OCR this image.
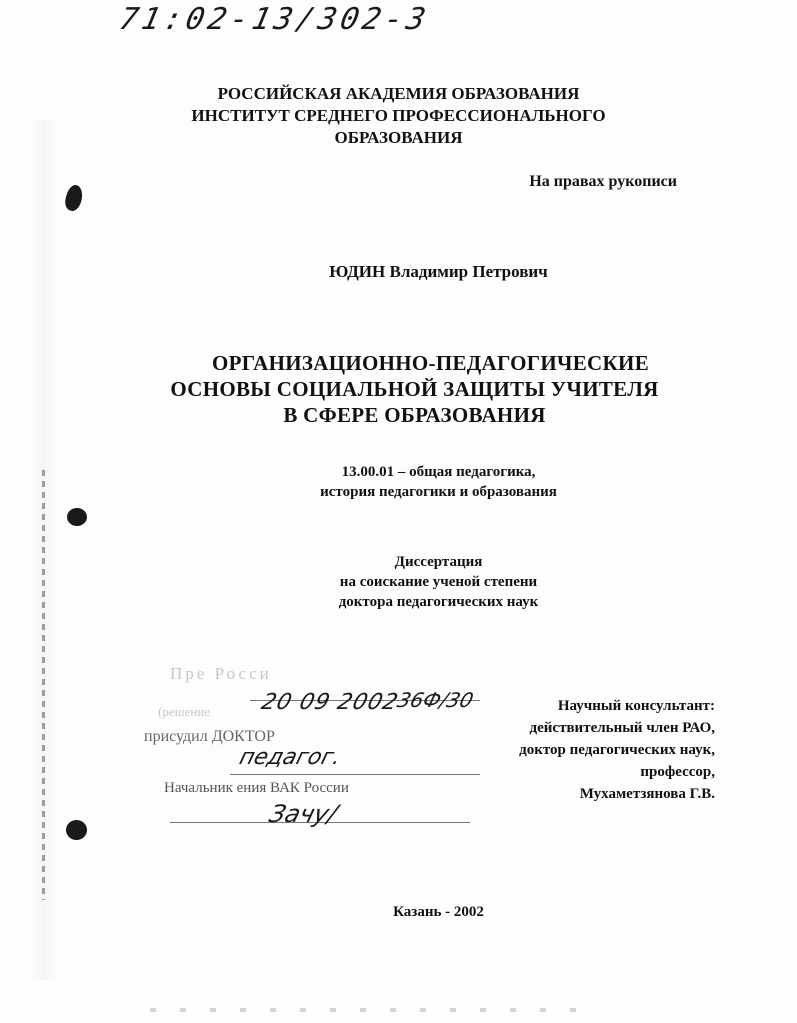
71:02-13/302-3
РОССИЙСКАЯ АКАДЕМИЯ ОБРАЗОВАНИЯ
ИНСТИТУТ СРЕДНЕГО ПРОФЕССИОНАЛЬНОГО
ОБРАЗОВАНИЯ
На правах рукописи
ЮДИН Владимир Петрович
ОРГАНИЗАЦИОННО-ПЕДАГОГИЧЕСКИЕ
ОСНОВЫ СОЦИАЛЬНОЙ ЗАЩИТЫ УЧИТЕЛЯ
В СФЕРЕ ОБРАЗОВАНИЯ
13.00.01 – общая педагогика,
история педагогики и образования
Диссертация
на соискание ученой степени
доктора педагогических наук
Пре Росси
(решение
присудил ДОКТОР
Начальник ения ВАК России
20 09 2002
36Ф/30
педагог.
Зачу/
Научный консультант:
действительный член РАО,
доктор педагогических наук,
профессор,
Мухаметзянова Г.В.
Казань - 2002
